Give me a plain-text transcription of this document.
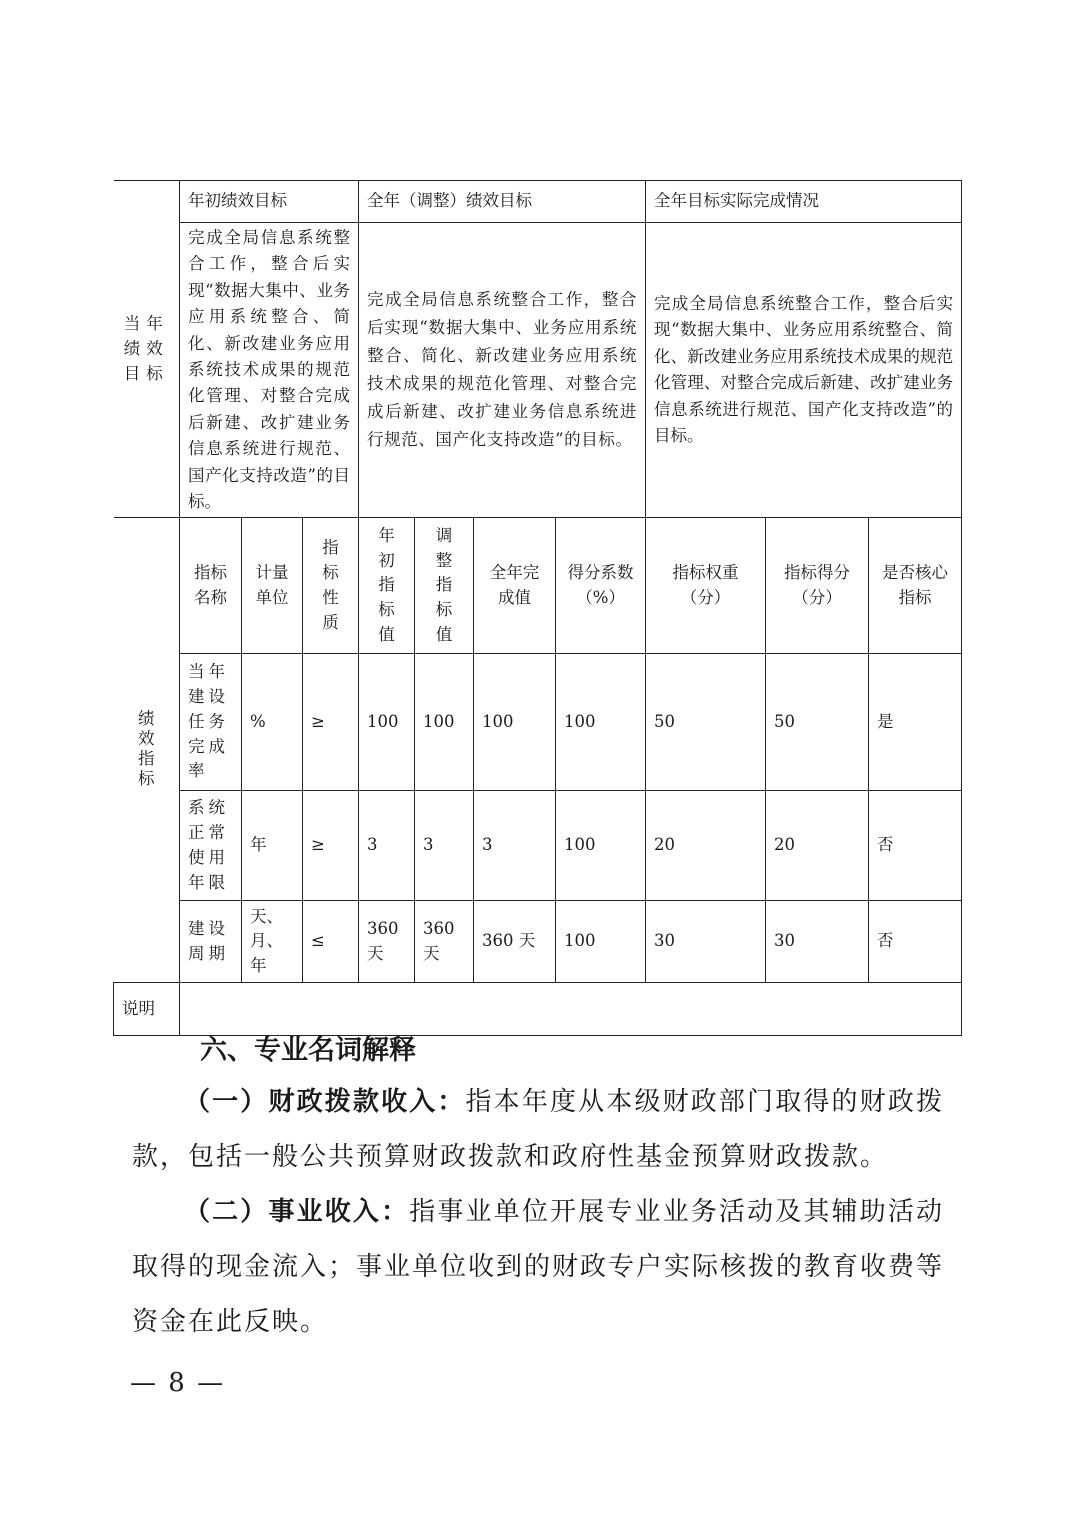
当年绩效目标	年初绩效目标			全年（调整）绩效目标				全年目标实际完成情况		
	完成全局信息系统整合工作，整合后实现“数据大集中、业务应用系统整合、简化、新改建业务应用系统技术成果的规范化管理、对整合完成后新建、改扩建业务信息系统进行规范、国产化支持改造”的目标。			完成全局信息系统整合工作，整合后实现“数据大集中、业务应用系统整合、简化、新改建业务应用系统技术成果的规范化管理、对整合完成后新建、改扩建业务信息系统进行规范、国产化支持改造”的目标。				完成全局信息系统整合工作，整合后实现“数据大集中、业务应用系统整合、简化、新改建业务应用系统技术成果的规范化管理、对整合完成后新建、改扩建业务信息系统进行规范、国产化支持改造”的目标。		
绩效指标	指标名称	计量单位	指标性质	年初指标值	调整指标值	全年完成值	得分系数（%）	指标权重（分）	指标得分（分）	是否核心指标
	当年建设任务完成率	%	≥	100	100	100	100	50	50	是
	系统正常使用年限	年	≥	3	3	3	100	20	20	否
	建设周期	天、月、年	≤	360天	360天	360 天	100	30	30	否
说明										
六、专业名词解释

（一）财政拨款收入：指本年度从本级财政部门取得的财政拨款，包括一般公共预算财政拨款和政府性基金预算财政拨款。

（二）事业收入：指事业单位开展专业业务活动及其辅助活动取得的现金流入；事业单位收到的财政专户实际核拨的教育收费等资金在此反映。

— 8 —
